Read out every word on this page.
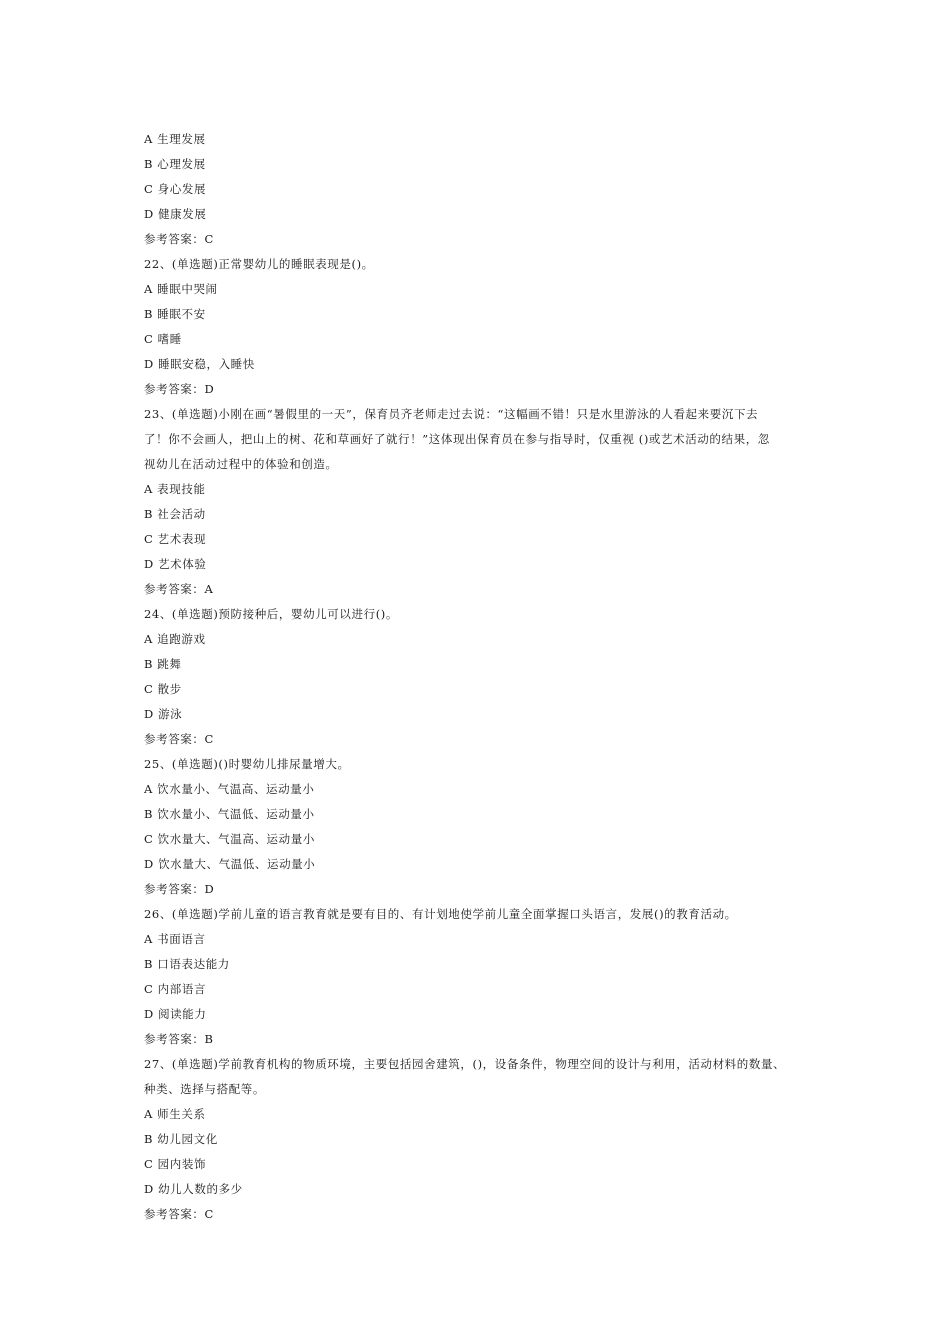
A 生理发展
B 心理发展
C 身心发展
D 健康发展
参考答案：C
22、(单选题)正常婴幼儿的睡眠表现是()。
A 睡眠中哭闹
B 睡眠不安
C 嗜睡
D 睡眠安稳，入睡快
参考答案：D
23、(单选题)小刚在画“暑假里的一天”，保育员齐老师走过去说：“这幅画不错！只是水里游泳的人看起来要沉下去
了！你不会画人，把山上的树、花和草画好了就行！”这体现出保育员在参与指导时，仅重视 ()或艺术活动的结果，忽
视幼儿在活动过程中的体验和创造。
A 表现技能
B 社会活动
C 艺术表现
D 艺术体验
参考答案：A
24、(单选题)预防接种后，婴幼儿可以进行()。
A 追跑游戏
B 跳舞
C 散步
D 游泳
参考答案：C
25、(单选题)()时婴幼儿排尿量增大。
A 饮水量小、气温高、运动量小
B 饮水量小、气温低、运动量小
C 饮水量大、气温高、运动量小
D 饮水量大、气温低、运动量小
参考答案：D
26、(单选题)学前儿童的语言教育就是要有目的、有计划地使学前儿童全面掌握口头语言，发展()的教育活动。
A 书面语言
B 口语表达能力
C 内部语言
D 阅读能力
参考答案：B
27、(单选题)学前教育机构的物质环境，主要包括园舍建筑，()，设备条件，物理空间的设计与利用，活动材料的数量、
种类、选择与搭配等。
A 师生关系
B 幼儿园文化
C 园内装饰
D 幼儿人数的多少
参考答案：C
